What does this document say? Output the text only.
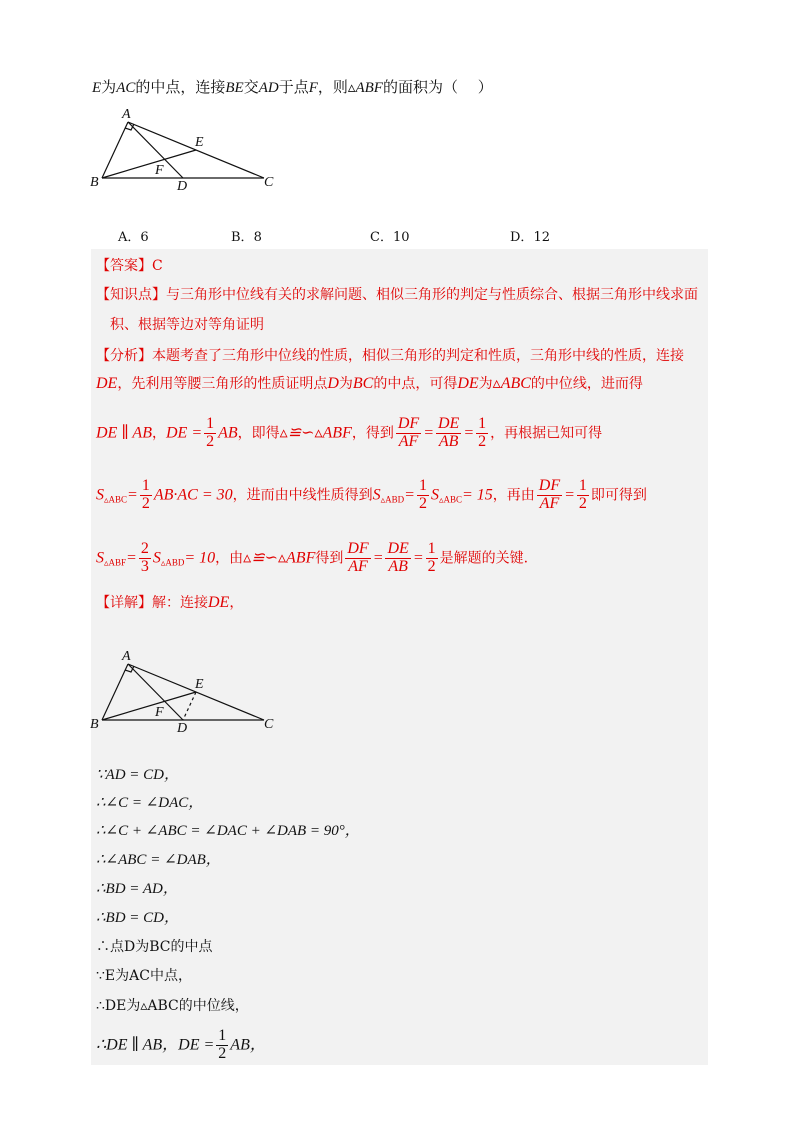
E为AC的中点，连接BE交AD于点F，则▵ABF的面积为（　 ）
A
B	C
D
E
F
A．6	B．8	C．10	D．12
【答案】C
【知识点】与三角形中位线有关的求解问题、相似三角形的判定与性质综合、根据三角形中线求面
积、根据等边对等角证明
【分析】本题考查了三角形中位线的性质，相似三角形的判定和性质，三角形中线的性质，连接
DE，先利用等腰三角形的性质证明点D为BC的中点，可得DE为▵ABC的中位线，进而得
DE ∥ AB，DE = $\frac{1}{2}$ AB，即得▵≌∽▵ABF，得到 $\frac{DF}{AF} = \frac{DE}{AB} = \frac{1}{2}$ ，再根据已知可得
$S_{▵ABC}= \frac{1}{2} AB\cdot AC = 30$，进而由中线性质得到$S_{▵ABD}= \frac{1}{2} S_{▵ABC}= 15$，再由 $\frac{DF}{AF} = \frac{1}{2}$ 即可得到
$S_{▵ABF}= \frac{2}{3} S_{▵ABD}= 10$，由▵≌∽▵ABF得到 $\frac{DF}{AF} = \frac{DE}{AB} = \frac{1}{2}$ 是解题的关键.
【详解】解：连接DE，
A
B	C
D
E
F
∵AD = CD，
∴∠C = ∠DAC，
∴∠C + ∠ABC = ∠DAC + ∠DAB = 90°，
∴∠ABC = ∠DAB，
∴BD = AD，
∴BD = CD，
∴点D为BC的中点
∵E为AC中点，
∴DE为▵ABC的中位线，
∴DE ∥ AB，DE = $\frac{1}{2}$ AB，
